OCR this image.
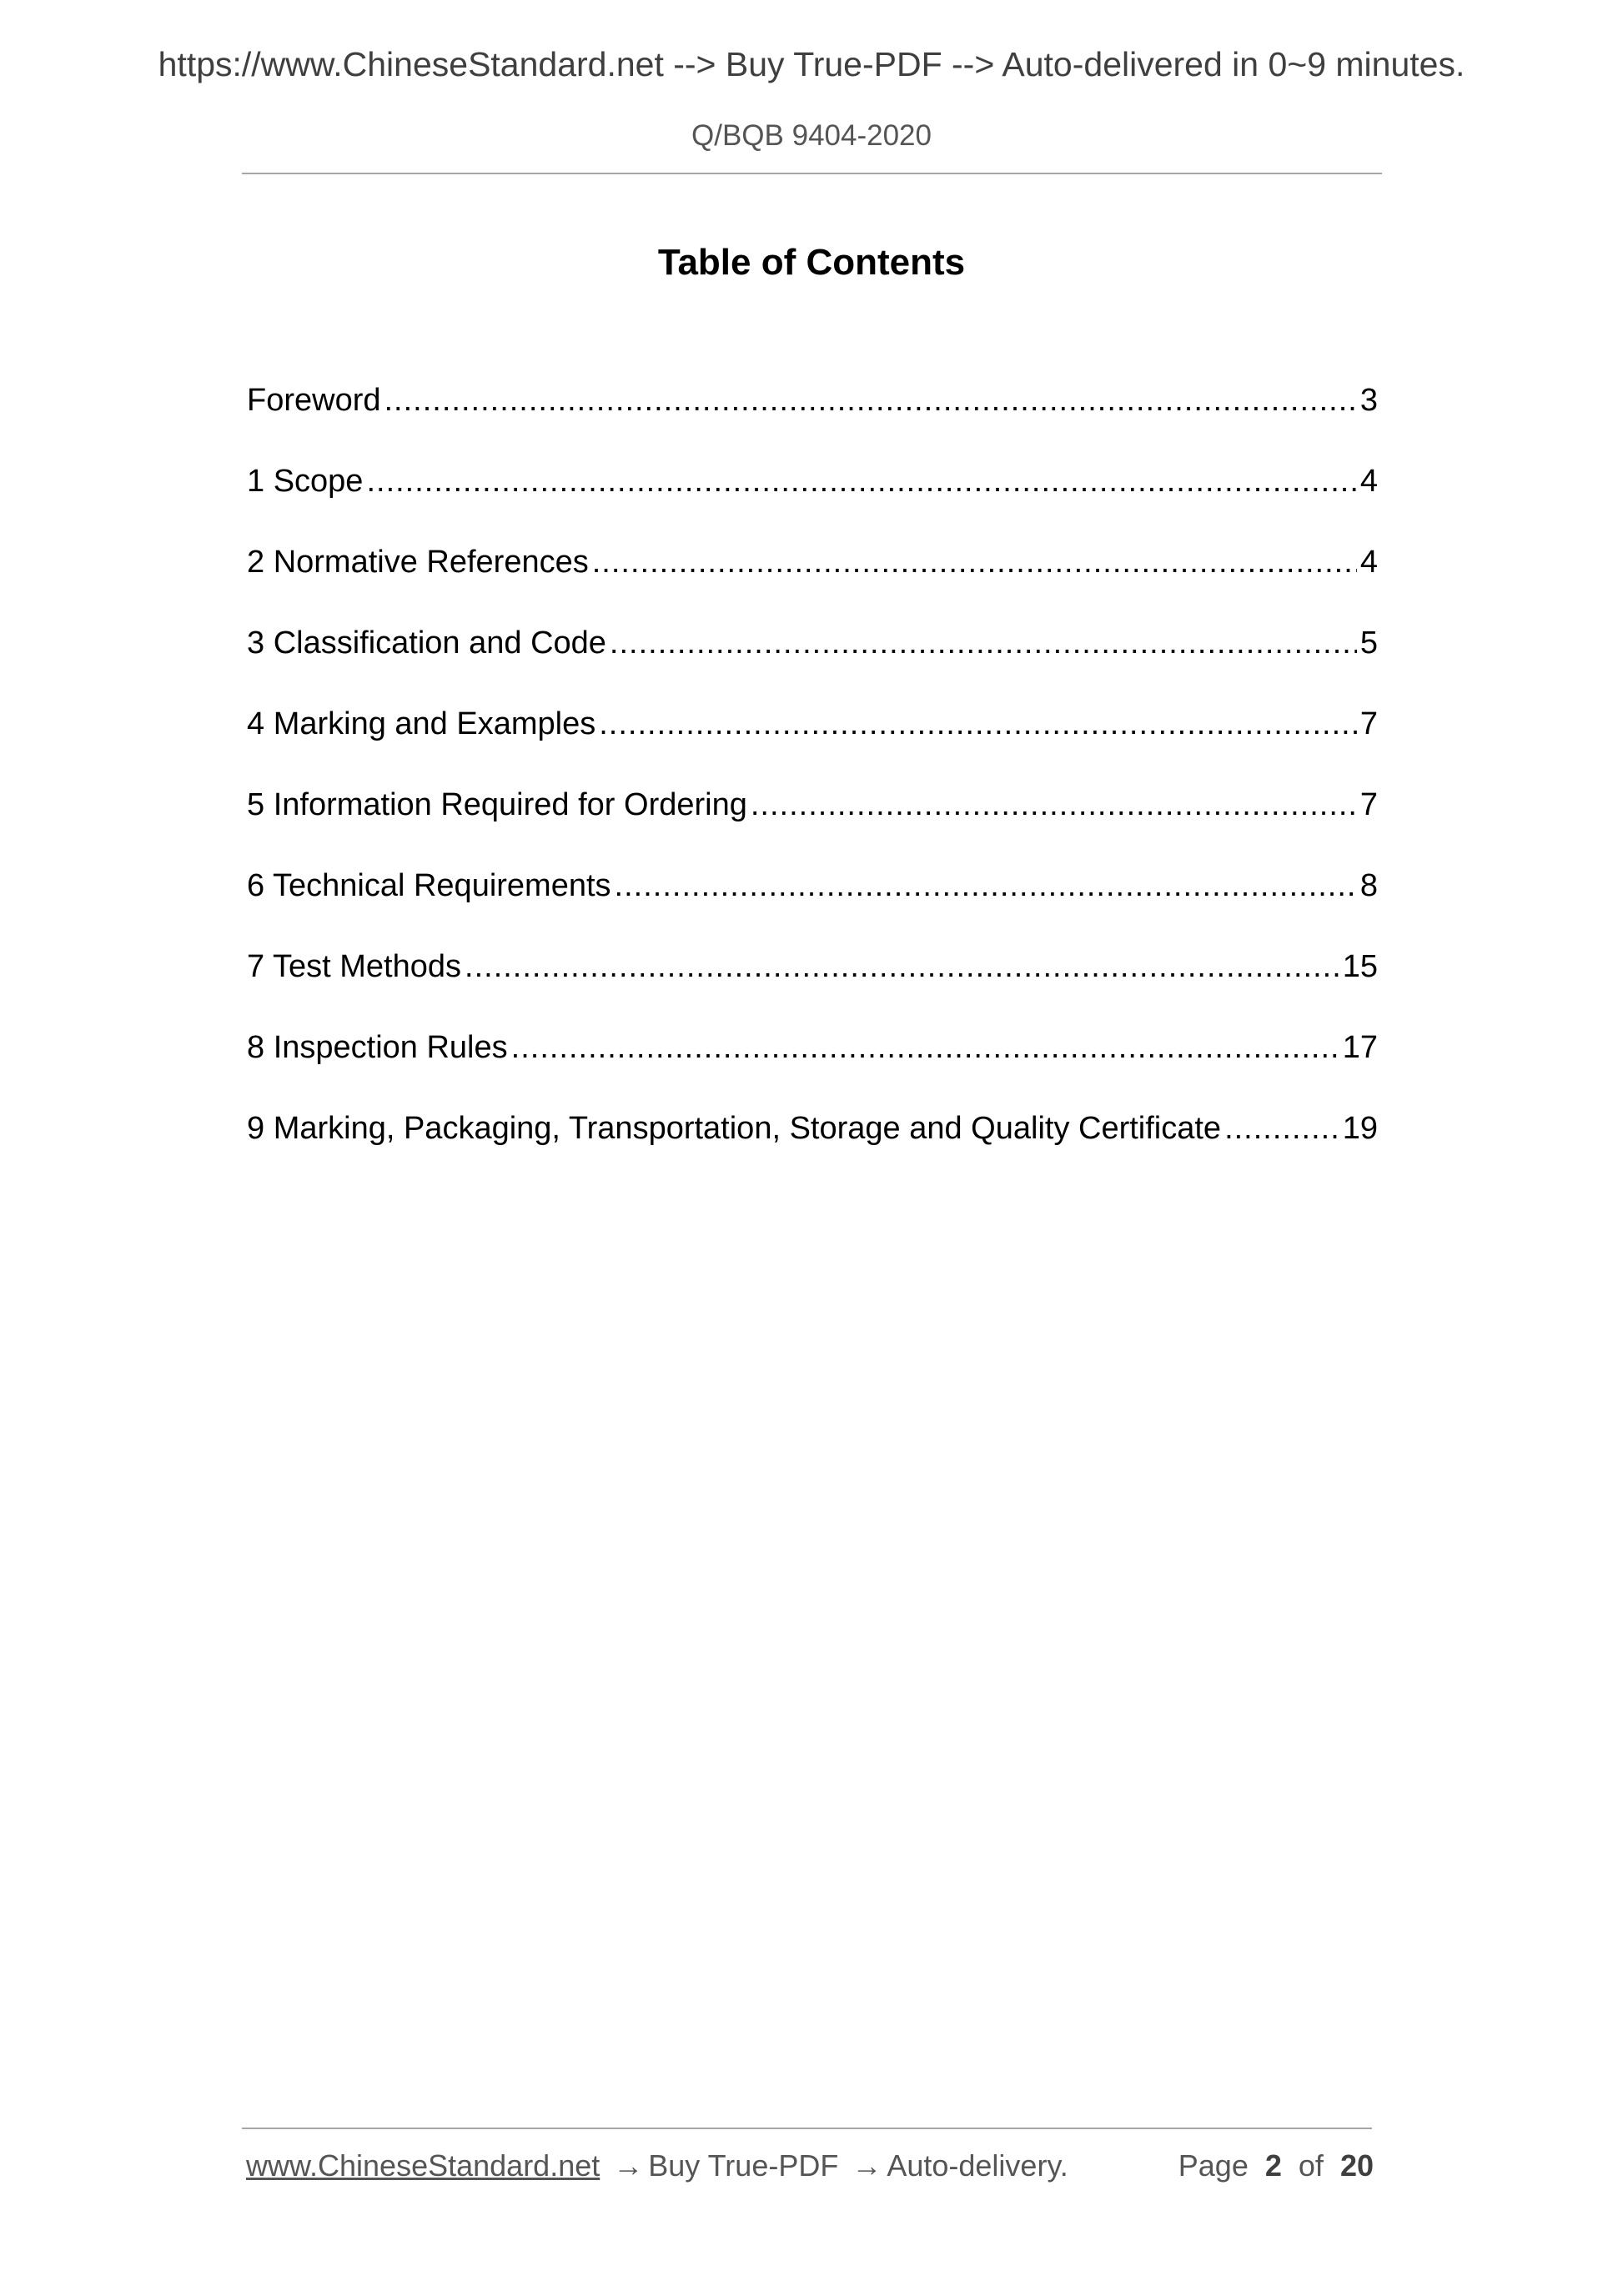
https://www.ChineseStandard.net --> Buy True-PDF --> Auto-delivered in 0~9 minutes.
Q/BQB 9404-2020
Table of Contents
Foreword .....	3
1 Scope .....	4
2 Normative References .....	4
3 Classification and Code .....	5
4 Marking and Examples .....	7
5 Information Required for Ordering .....	7
6 Technical Requirements .....	8
7 Test Methods .....	15
8 Inspection Rules .....	17
9 Marking, Packaging, Transportation, Storage and Quality Certificate .....	19
www.ChineseStandard.net → Buy True-PDF → Auto-delivery.	Page 2 of 20
